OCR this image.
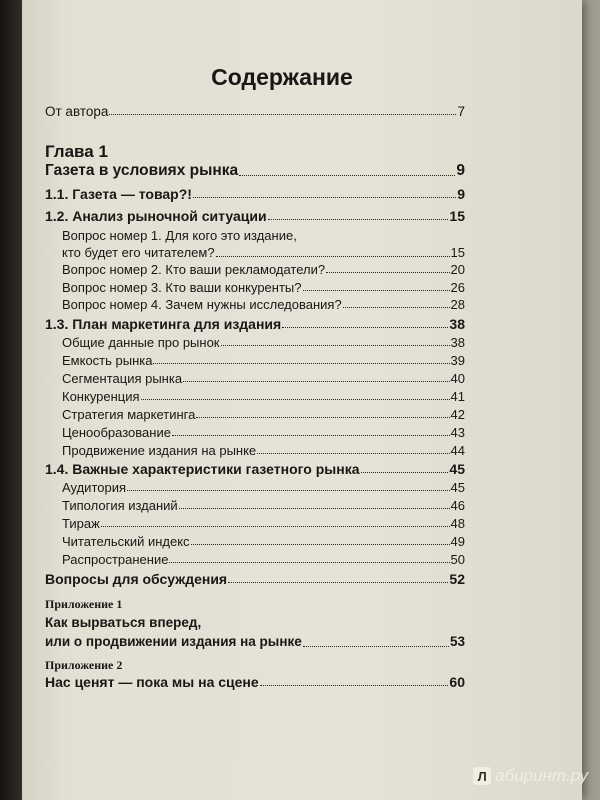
Содержание
От автора	7
Глава 1
Газета в условиях рынка	9
1.1. Газета — товар?!	9
1.2. Анализ рыночной ситуации	15
Вопрос номер 1. Для кого это издание,
кто будет его читателем?	15
Вопрос номер 2. Кто ваши рекламодатели?	20
Вопрос номер 3. Кто ваши конкуренты?	26
Вопрос номер 4. Зачем нужны исследования?	28
1.3. План маркетинга для издания	38
Общие данные про рынок	38
Емкость рынка	39
Сегментация рынка	40
Конкуренция	41
Стратегия маркетинга	42
Ценообразование	43
Продвижение издания на рынке	44
1.4. Важные характеристики газетного рынка	45
Аудитория	45
Типология изданий	46
Тираж	48
Читательский индекс	49
Распространение	50
Вопросы для обсуждения	52
Приложение 1
Как вырваться вперед,
или о продвижении издания на рынке	53
Приложение 2
Нас ценят — пока мы на сцене	60
Л абиринт.ру
